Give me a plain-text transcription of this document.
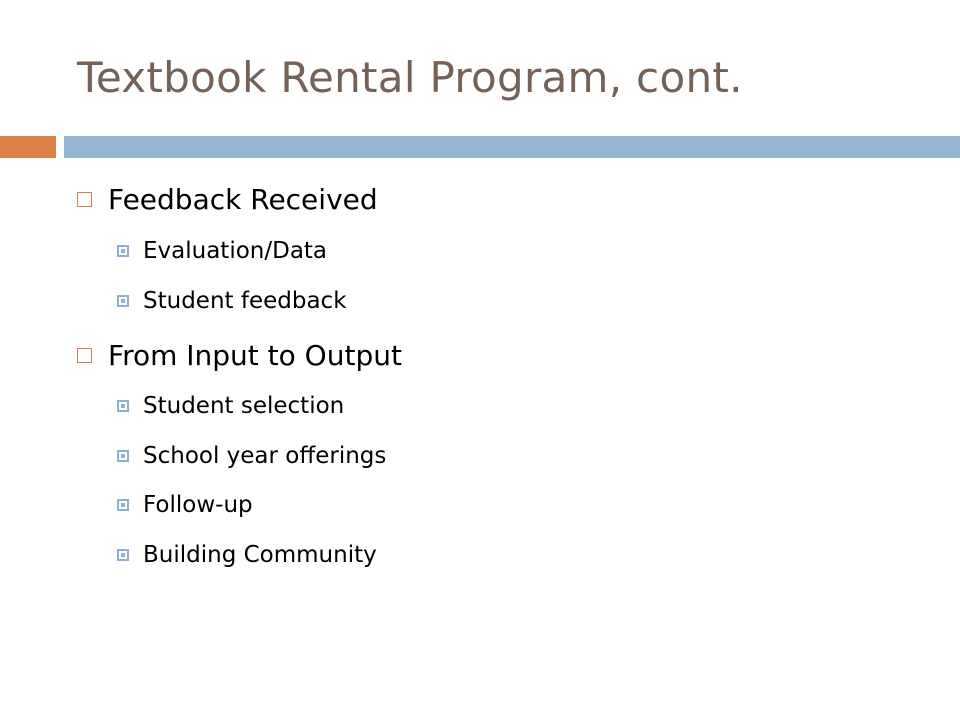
Textbook Rental Program, cont.
Feedback Received
Evaluation/Data
Student feedback
From Input to Output
Student selection
School year offerings
Follow-up
Building Community
